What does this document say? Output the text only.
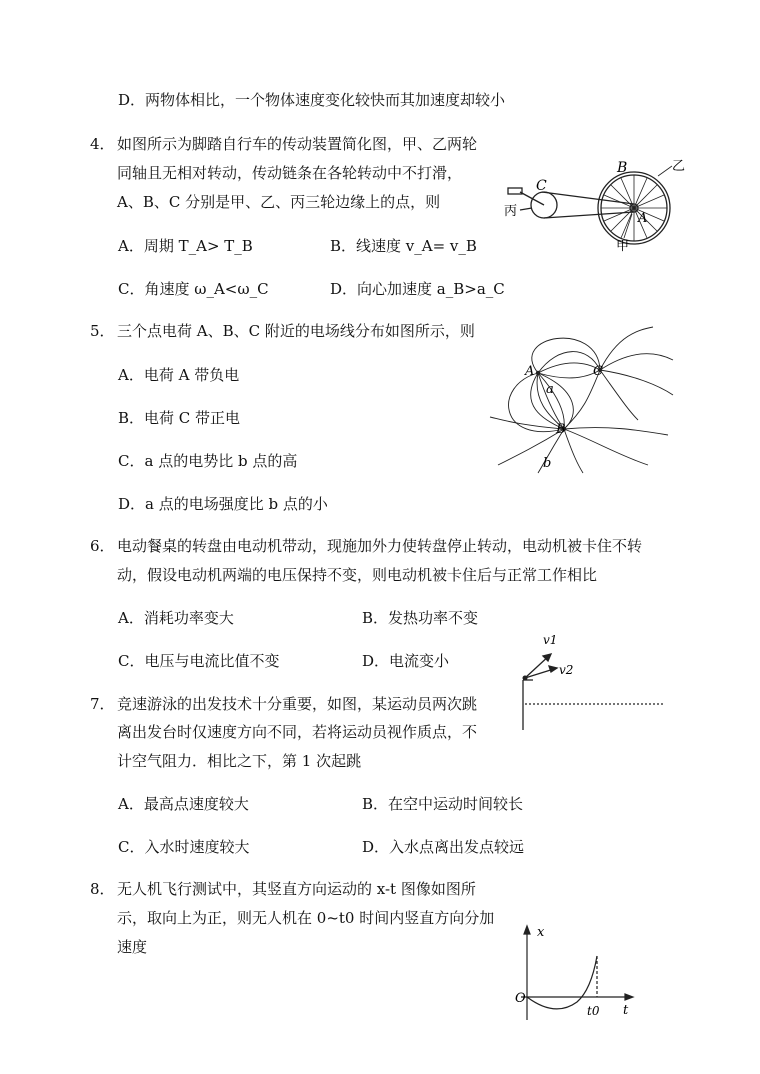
D．两物体相比，一个物体速度变化较快而其加速度却较小
4． 如图所示为脚踏自行车的传动装置简化图，甲、乙两轮
同轴且无相对转动，传动链条在各轮转动中不打滑，
A、B、C 分别是甲、乙、丙三轮边缘上的点，则
A．周期 T_A> T_B	B．线速度 v_A= v_B
C．角速度 ω_A<ω_C	D．向心加速度 a_B>a_C
C
B
A
乙
丙
甲
5． 三个点电荷 A、B、C 附近的电场线分布如图所示，则
A．电荷 A 带负电
B．电荷 C 带正电
C．a 点的电势比 b 点的高
D．a 点的电场强度比 b 点的小
A	C
B
a
b
6． 电动餐桌的转盘由电动机带动，现施加外力使转盘停止转动，电动机被卡住不转
动，假设电动机两端的电压保持不变，则电动机被卡住后与正常工作相比
A．消耗功率变大	B．发热功率不变
C．电压与电流比值不变	D．电流变小
v1
v2
7． 竞速游泳的出发技术十分重要，如图，某运动员两次跳
离出发台时仅速度方向不同，若将运动员视作质点，不
计空气阻力．相比之下，第 1 次起跳
A．最高点速度较大	B．在空中运动时间较长
C．入水时速度较大	D．入水点离出发点较远
8． 无人机飞行测试中，其竖直方向运动的 x-t 图像如图所
示，取向上为正，则无人机在 0~t0 时间内竖直方向分加
速度
x
t
O
t0
